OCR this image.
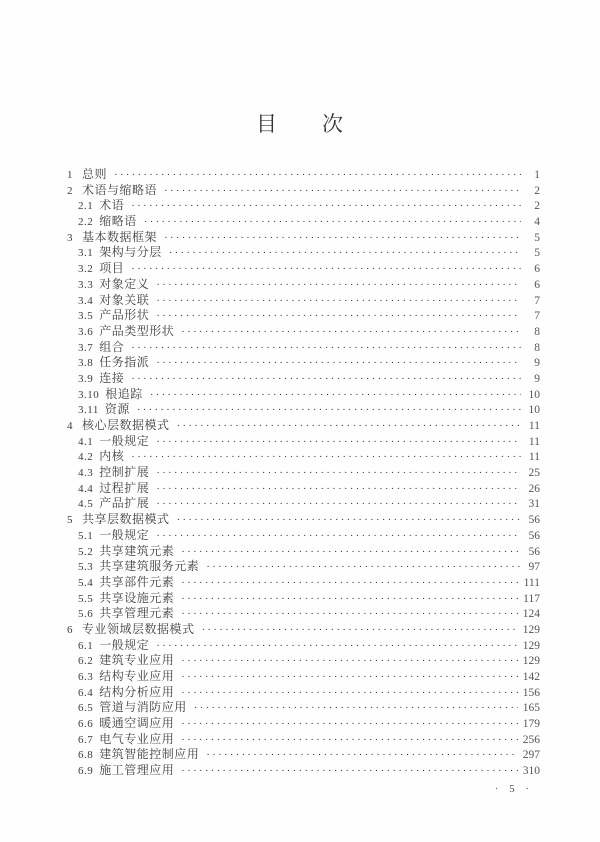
目　　次
1 总则 ·····	1
2 术语与缩略语 ·····	2
2.1 术语 ·····	2
2.2 缩略语 ·····	4
3 基本数据框架 ·····	5
3.1 架构与分层 ·····	5
3.2 项目 ·····	6
3.3 对象定义 ·····	6
3.4 对象关联 ·····	7
3.5 产品形状 ·····	7
3.6 产品类型形状 ·····	8
3.7 组合 ·····	8
3.8 任务指派 ·····	9
3.9 连接 ·····	9
3.10 根追踪 ·····	10
3.11 资源 ·····	10
4 核心层数据模式 ·····	11
4.1 一般规定 ·····	11
4.2 内核 ·····	11
4.3 控制扩展 ·····	25
4.4 过程扩展 ·····	26
4.5 产品扩展 ·····	31
5 共享层数据模式 ·····	56
5.1 一般规定 ·····	56
5.2 共享建筑元素 ·····	56
5.3 共享建筑服务元素 ·····	97
5.4 共享部件元素 ·····	111
5.5 共享设施元素 ·····	117
5.6 共享管理元素 ·····	124
6 专业领域层数据模式 ·····	129
6.1 一般规定 ·····	129
6.2 建筑专业应用 ·····	129
6.3 结构专业应用 ·····	142
6.4 结构分析应用 ·····	156
6.5 管道与消防应用 ·····	165
6.6 暖通空调应用 ·····	179
6.7 电气专业应用 ·····	256
6.8 建筑智能控制应用 ·····	297
6.9 施工管理应用 ·····	310
· 5 ·
